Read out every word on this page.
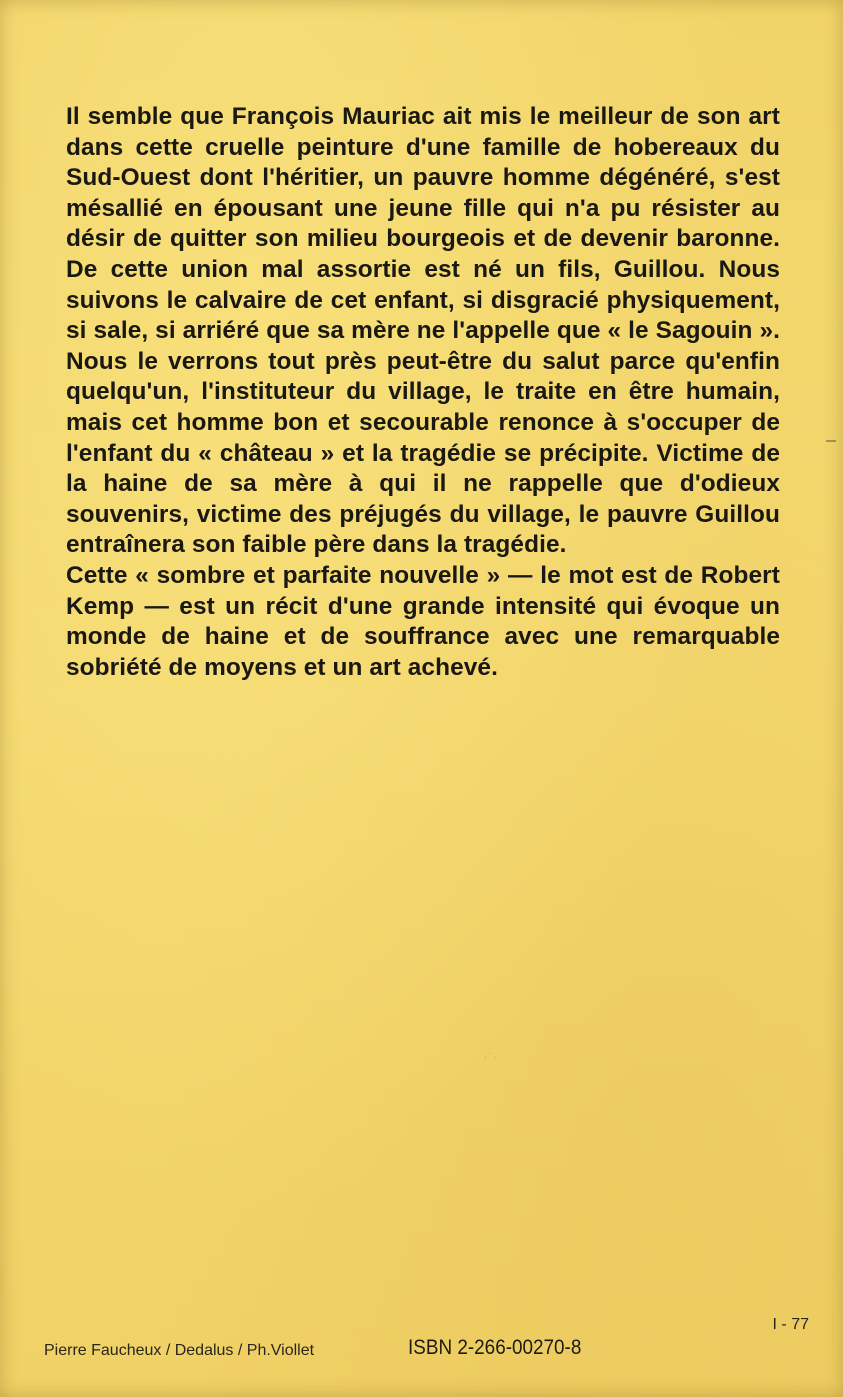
Il semble que François Mauriac ait mis le meilleur de son art dans cette cruelle peinture d'une famille de hobereaux du Sud-Ouest dont l'héritier, un pauvre homme dégénéré, s'est mésallié en épousant une jeune fille qui n'a pu résister au désir de quitter son milieu bourgeois et de devenir baronne. De cette union mal assortie est né un fils, Guillou. Nous suivons le calvaire de cet enfant, si disgracié physiquement, si sale, si arriéré que sa mère ne l'appelle que « le Sagouin ». Nous le verrons tout près peut-être du salut parce qu'enfin quelqu'un, l'instituteur du village, le traite en être humain, mais cet homme bon et secourable renonce à s'occuper de l'enfant du « château » et la tragédie se précipite. Victime de la haine de sa mère à qui il ne rappelle que d'odieux souvenirs, victime des préjugés du village, le pauvre Guillou entraînera son faible père dans la tragédie.

Cette « sombre et parfaite nouvelle » — le mot est de Robert Kemp — est un récit d'une grande intensité qui évoque un monde de haine et de souffrance avec une remarquable sobriété de moyens et un art achevé.

∙˙·
I - 77
Pierre Faucheux / Dedalus / Ph.Viollet	ISBN 2-266-00270-8
